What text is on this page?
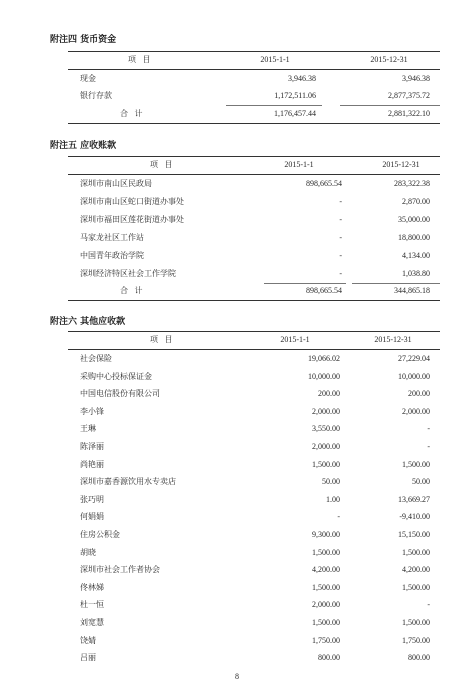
附注四 货币资金
项 目	2015-1-1	2015-12-31
现金	3,946.38	3,946.38
银行存款	1,172,511.06	2,877,375.72
合 计	1,176,457.44	2,881,322.10
附注五 应收账款
项 目	2015-1-1	2015-12-31
深圳市南山区民政局	898,665.54	283,322.38
深圳市南山区蛇口街道办事处	-	2,870.00
深圳市福田区莲花街道办事处	-	35,000.00
马家龙社区工作站	-	18,800.00
中国青年政治学院	-	4,134.00
深圳经济特区社会工作学院	-	1,038.80
合 计	898,665.54	344,865.18
附注六 其他应收款
项 目	2015-1-1	2015-12-31
社会保险	19,066.02	27,229.04
采购中心投标保证金	10,000.00	10,000.00
中国电信股份有限公司	200.00	200.00
李小锋	2,000.00	2,000.00
王琳	3,550.00	-
陈泽丽	2,000.00	-
尚艳丽	1,500.00	1,500.00
深圳市嘉香源饮用水专卖店	50.00	50.00
张巧明	1.00	13,669.27
何娟娟	-	-9,410.00
住房公积金	9,300.00	15,150.00
胡晓	1,500.00	1,500.00
深圳市社会工作者协会	4,200.00	4,200.00
佟林娣	1,500.00	1,500.00
杜一恒	2,000.00	-
刘宽慧	1,500.00	1,500.00
饶婧	1,750.00	1,750.00
吕丽	800.00	800.00
8
